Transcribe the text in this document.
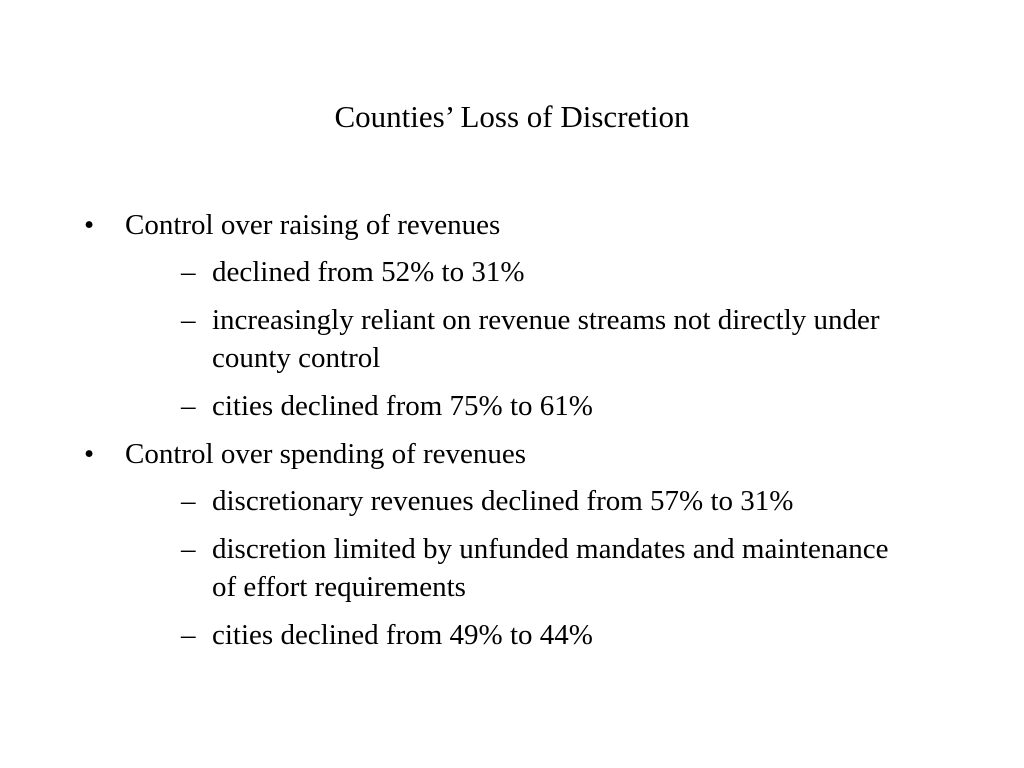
Counties’ Loss of Discretion
•	Control over raising of revenues
– declined from 52% to 31%
– increasingly reliant on revenue streams not directly under county control
– cities declined from 75% to 61%
•	Control over spending of revenues
– discretionary revenues declined from 57% to 31%
– discretion limited by unfunded mandates and maintenance of effort requirements
– cities declined from 49% to 44%
